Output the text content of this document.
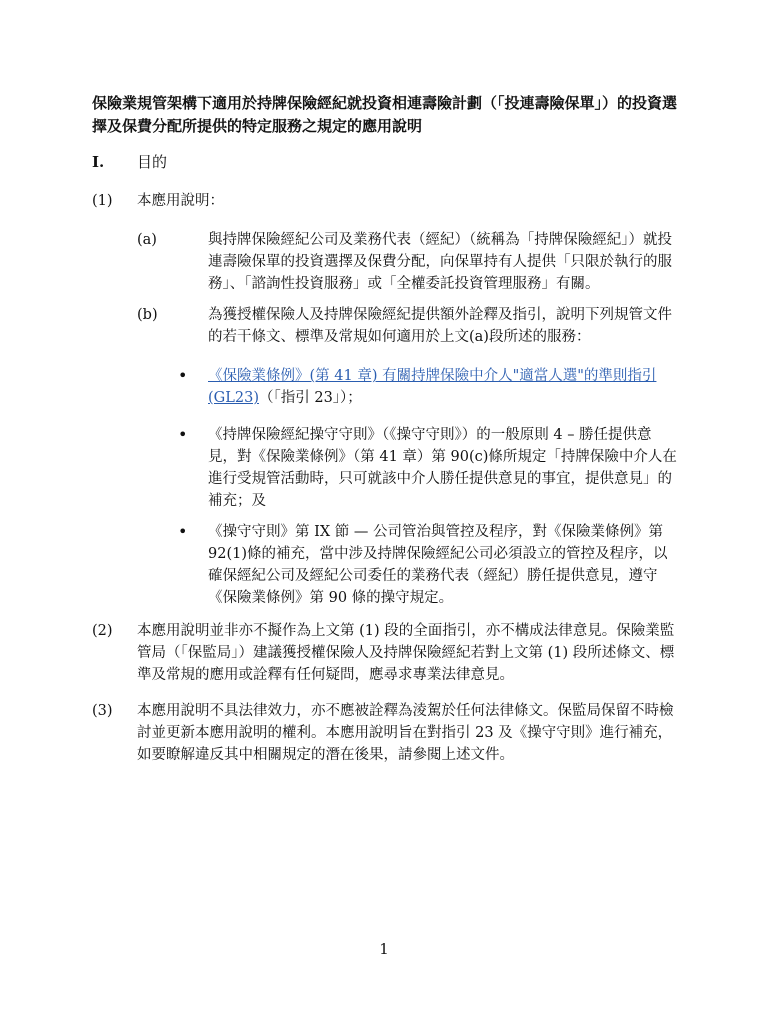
保險業規管架構下適用於持牌保險經紀就投資相連壽險計劃（「投連壽險保單」）的投資選擇及保費分配所提供的特定服務之規定的應用說明
I. 目的
(1) 本應用說明：
(a)	與持牌保險經紀公司及業務代表（經紀）（統稱為「持牌保險經紀」）就投連壽險保單的投資選擇及保費分配，向保單持有人提供「只限於執行的服務」、「諮詢性投資服務」或「全權委託投資管理服務」有關。
(b)	為獲授權保險人及持牌保險經紀提供額外詮釋及指引，說明下列規管文件的若干條文、標準及常規如何適用於上文(a)段所述的服務：
• 《保險業條例》(第 41 章) 有關持牌保險中介人"適當人選"的準則指引 (GL23)（「指引 23」）；
• 《持牌保險經紀操守守則》（《操守守則》）的一般原則 4 – 勝任提供意見，對《保險業條例》（第 41 章）第 90(c)條所規定「持牌保險中介人在進行受規管活動時，只可就該中介人勝任提供意見的事宜，提供意見」的補充；及
• 《操守守則》第 IX 節 — 公司管治與管控及程序，對《保險業條例》第 92(1)條的補充，當中涉及持牌保險經紀公司必須設立的管控及程序，以確保經紀公司及經紀公司委任的業務代表（經紀）勝任提供意見，遵守《保險業條例》第 90 條的操守規定。
(2) 本應用說明並非亦不擬作為上文第 (1) 段的全面指引，亦不構成法律意見。保險業監管局（「保監局」）建議獲授權保險人及持牌保險經紀若對上文第 (1) 段所述條文、標準及常規的應用或詮釋有任何疑問，應尋求專業法律意見。
(3) 本應用說明不具法律效力，亦不應被詮釋為淩駕於任何法律條文。保監局保留不時檢討並更新本應用說明的權利。本應用說明旨在對指引 23 及《操守守則》進行補充，如要瞭解違反其中相關規定的潛在後果，請參閱上述文件。
1
